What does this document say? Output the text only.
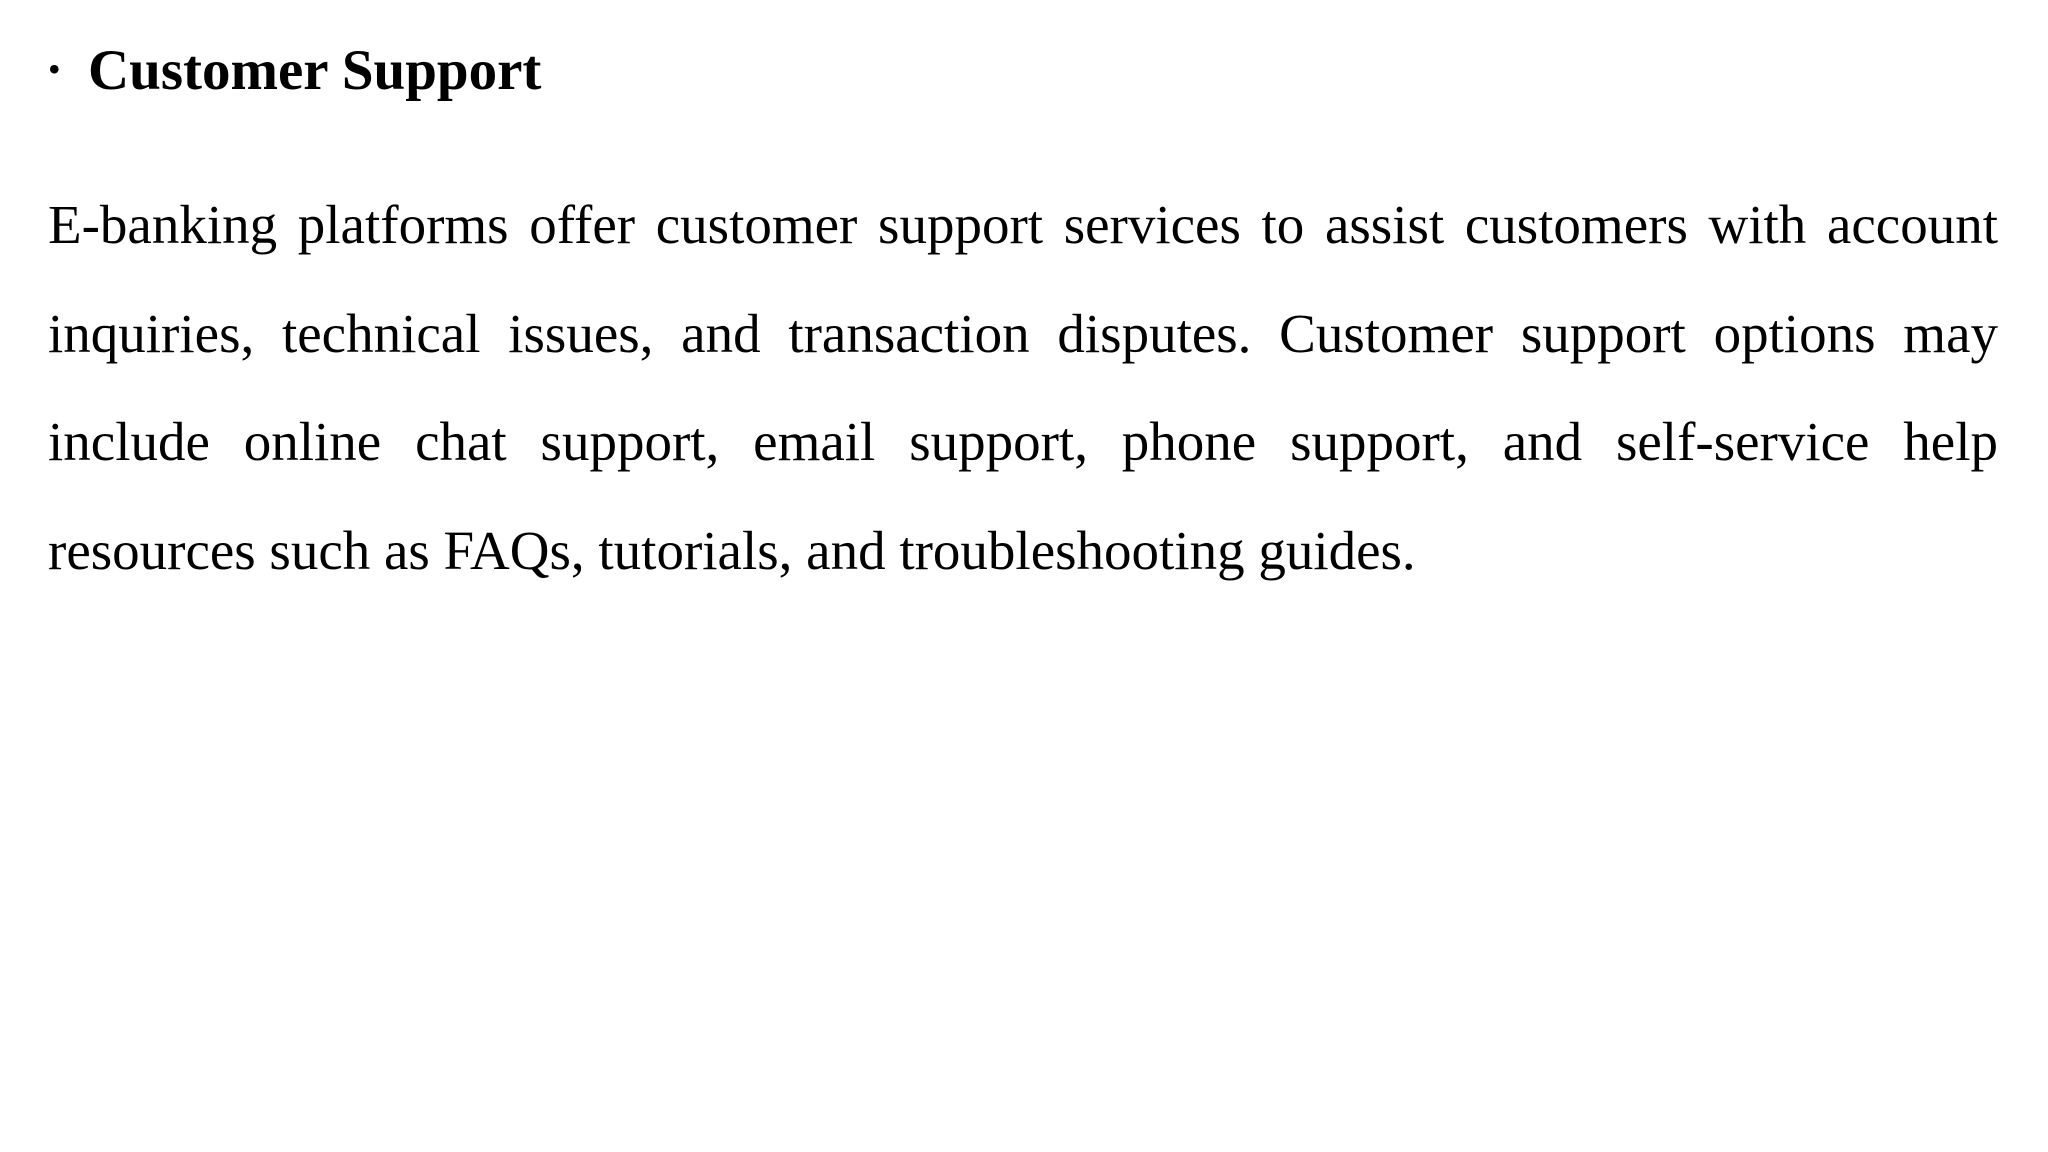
• Customer Support

E-banking platforms offer customer support services to assist customers with account inquiries, technical issues, and transaction disputes. Customer support options may include online chat support, email support, phone support, and self-service help resources such as FAQs, tutorials, and troubleshooting guides.
